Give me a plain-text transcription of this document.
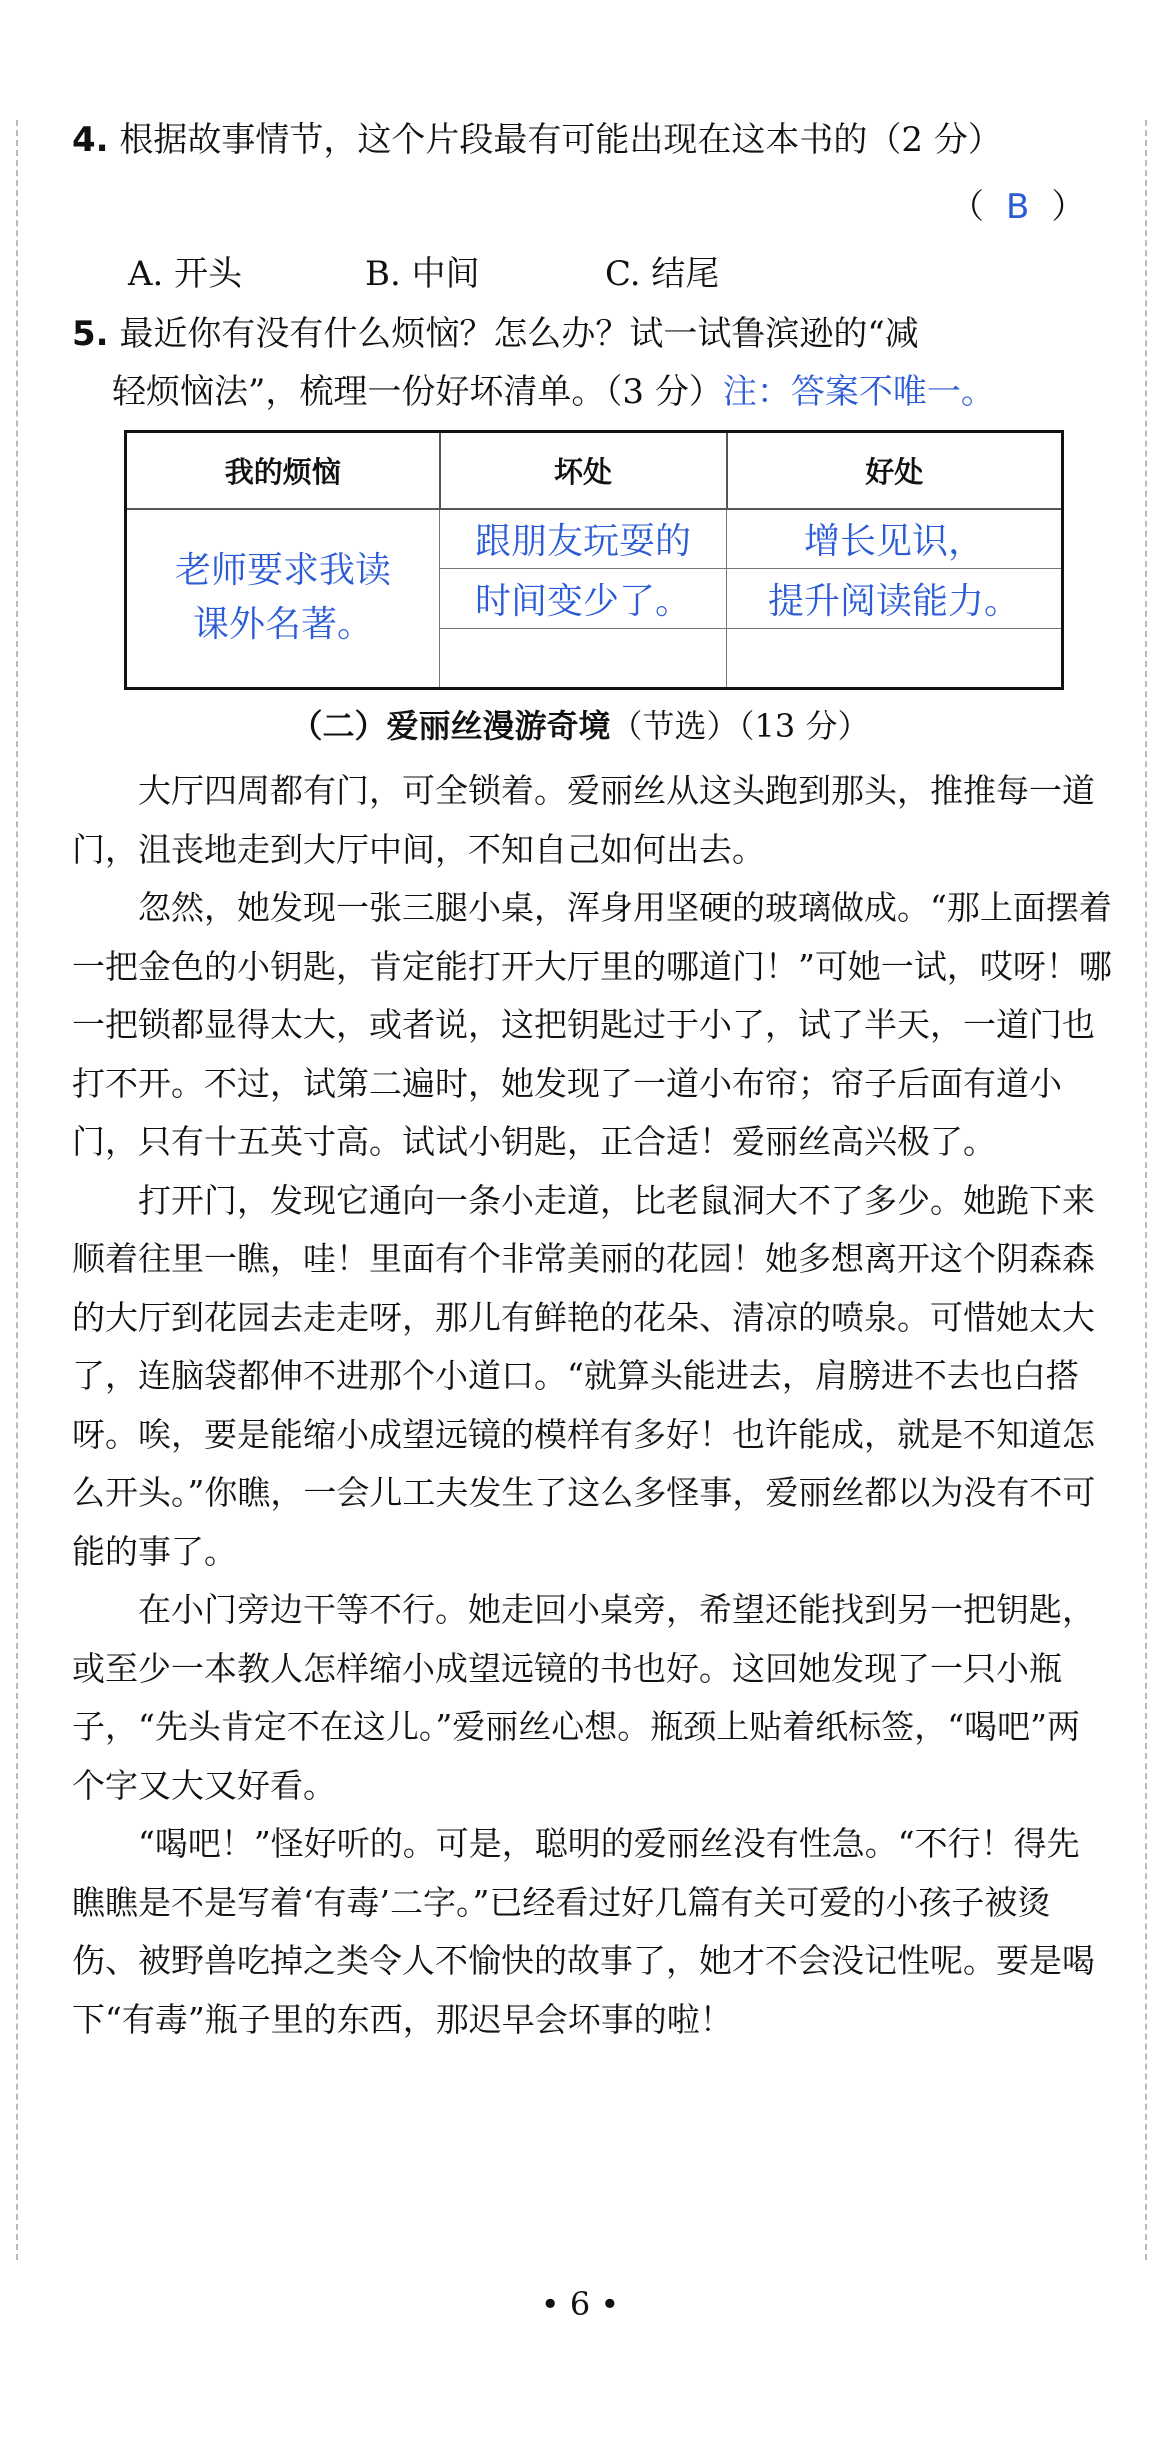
4. 根据故事情节，这个片段最有可能出现在这本书的（2 分）
（ B ）
A. 开头	B. 中间	C. 结尾
5. 最近你有没有什么烦恼？怎么办？试一试鲁滨逊的“减
轻烦恼法”，梳理一份好坏清单。（3 分）注：答案不唯一。
我的烦恼	坏处	好处

老师要求我读课外名著。	跟朋友玩耍的	增长见识，
	时间变少了。	提升阅读能力。

（二）爱丽丝漫游奇境（节选）（13 分）

大厅四周都有门，可全锁着。爱丽丝从这头跑到那头，推推每一道门，沮丧地走到大厅中间，不知自己如何出去。

忽然，她发现一张三腿小桌，浑身用坚硬的玻璃做成。“那上面摆着一把金色的小钥匙，肯定能打开大厅里的哪道门！”可她一试，哎呀！哪一把锁都显得太大，或者说，这把钥匙过于小了，试了半天，一道门也打不开。不过，试第二遍时，她发现了一道小布帘；帘子后面有道小门，只有十五英寸高。试试小钥匙，正合适！爱丽丝高兴极了。

打开门，发现它通向一条小走道，比老鼠洞大不了多少。她跪下来顺着往里一瞧，哇！里面有个非常美丽的花园！她多想离开这个阴森森的大厅到花园去走走呀，那儿有鲜艳的花朵、清凉的喷泉。可惜她太大了，连脑袋都伸不进那个小道口。“就算头能进去，肩膀进不去也白搭呀。唉，要是能缩小成望远镜的模样有多好！也许能成，就是不知道怎么开头。”你瞧，一会儿工夫发生了这么多怪事，爱丽丝都以为没有不可能的事了。

在小门旁边干等不行。她走回小桌旁，希望还能找到另一把钥匙，或至少一本教人怎样缩小成望远镜的书也好。这回她发现了一只小瓶子，“先头肯定不在这儿。”爱丽丝心想。瓶颈上贴着纸标签，“喝吧”两个字又大又好看。

“喝吧！”怪好听的。可是，聪明的爱丽丝没有性急。“不行！得先瞧瞧是不是写着‘有毒’二字。”已经看过好几篇有关可爱的小孩子被烫伤、被野兽吃掉之类令人不愉快的故事了，她才不会没记性呢。要是喝下“有毒”瓶子里的东西，那迟早会坏事的啦！

• 6 •
